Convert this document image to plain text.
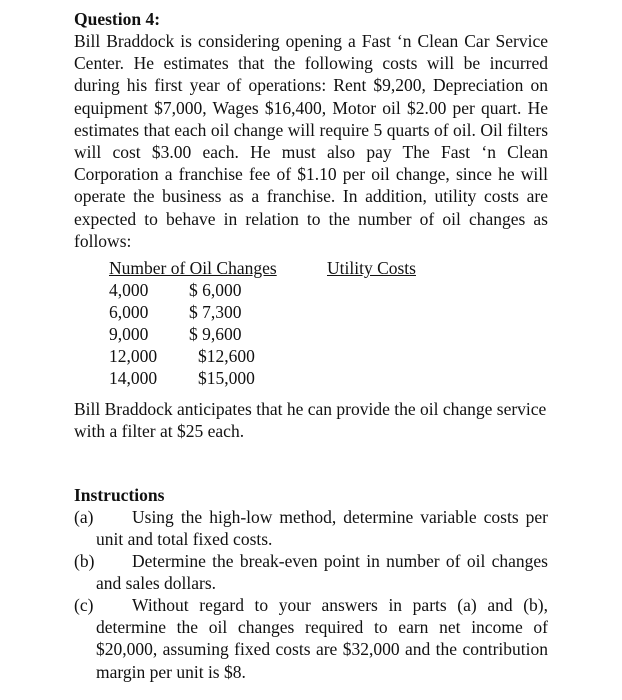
Question 4:
Bill Braddock is considering opening a Fast ‘n Clean Car Service Center. He estimates that the following costs will be incurred during his first year of operations: Rent $9,200, Depreciation on equipment $7,000, Wages $16,400, Motor oil $2.00 per quart. He estimates that each oil change will require 5 quarts of oil. Oil filters will cost $3.00 each. He must also pay The Fast ‘n Clean Corporation a franchise fee of $1.10 per oil change, since he will operate the business as a franchise. In addition, utility costs are expected to behave in relation to the number of oil changes as follows:
Number of Oil Changes	Utility Costs
4,000 $ 6,000
6,000 $ 7,300
9,000 $ 9,600
12,000 $12,600
14,000 $15,000
Bill Braddock anticipates that he can provide the oil change service with a filter at $25 each.
Instructions
(a)	Using the high-low method, determine variable costs per unit and total fixed costs.
(b)	Determine the break-even point in number of oil changes and sales dollars.
(c)	Without regard to your answers in parts (a) and (b), determine the oil changes required to earn net income of $20,000, assuming fixed costs are $32,000 and the contribution margin per unit is $8.
